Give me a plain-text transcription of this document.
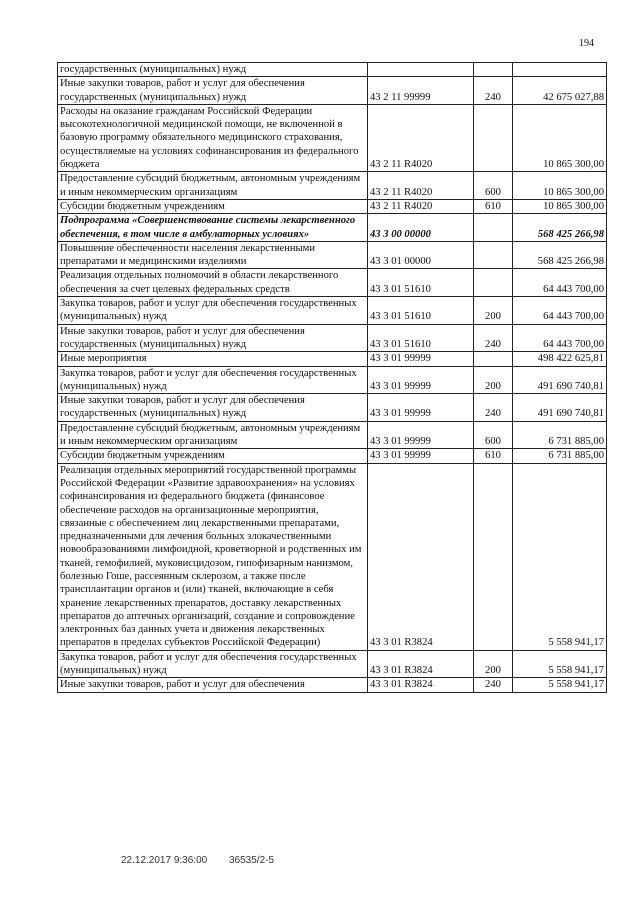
194
государственных (муниципальных) нужд			
Иные закупки товаров, работ и услуг для обеспечения государственных (муниципальных) нужд	43 2 11 99999	240	42 675 027,88
Расходы на оказание гражданам Российской Федерации высокотехнологичной медицинской помощи, не включенной в базовую программу обязательного медицинского страхования, осуществляемые на условиях софинансирования из федерального бюджета	43 2 11 R4020		10 865 300,00
Предоставление субсидий бюджетным, автономным учреждениям и иным некоммерческим организациям	43 2 11 R4020	600	10 865 300,00
Субсидии бюджетным учреждениям	43 2 11 R4020	610	10 865 300,00
Подпрограмма «Совершенствование системы лекарственного обеспечения, в том числе в амбулаторных условиях»	43 3 00 00000		568 425 266,98
Повышение обеспеченности населения лекарственными препаратами и медицинскими изделиями	43 3 01 00000		568 425 266,98
Реализация отдельных полномочий в области лекарственного обеспечения за счет целевых федеральных средств	43 3 01 51610		64 443 700,00
Закупка товаров, работ и услуг для обеспечения государственных (муниципальных) нужд	43 3 01 51610	200	64 443 700,00
Иные закупки товаров, работ и услуг для обеспечения государственных (муниципальных) нужд	43 3 01 51610	240	64 443 700,00
Иные мероприятия	43 3 01 99999		498 422 625,81
Закупка товаров, работ и услуг для обеспечения государственных (муниципальных) нужд	43 3 01 99999	200	491 690 740,81
Иные закупки товаров, работ и услуг для обеспечения государственных (муниципальных) нужд	43 3 01 99999	240	491 690 740,81
Предоставление субсидий бюджетным, автономным учреждениям и иным некоммерческим организациям	43 3 01 99999	600	6 731 885,00
Субсидии бюджетным учреждениям	43 3 01 99999	610	6 731 885,00
Реализация отдельных мероприятий государственной программы Российской Федерации «Развитие здравоохранения» на условиях софинансирования из федерального бюджета (финансовое обеспечение расходов на организационные мероприятия, связанные с обеспечением лиц лекарственными препаратами, предназначенными для лечения больных злокачественными новообразованиями лимфоидной, кроветворной и родственных им тканей, гемофилией, муковисцидозом, гипофизарным нанизмом, болезнью Гоше, рассеянным склерозом, а также после трансплантации органов и (или) тканей, включающие в себя хранение лекарственных препаратов, доставку лекарственных препаратов до аптечных организаций, создание и сопровождение электронных баз данных учета и движения лекарственных препаратов в пределах субъектов Российской Федерации)	43 3 01 R3824		5 558 941,17
Закупка товаров, работ и услуг для обеспечения государственных (муниципальных) нужд	43 3 01 R3824	200	5 558 941,17
Иные закупки товаров, работ и услуг для обеспечения	43 3 01 R3824	240	5 558 941,17
22.12.2017 9:36:00 36535/2-5
